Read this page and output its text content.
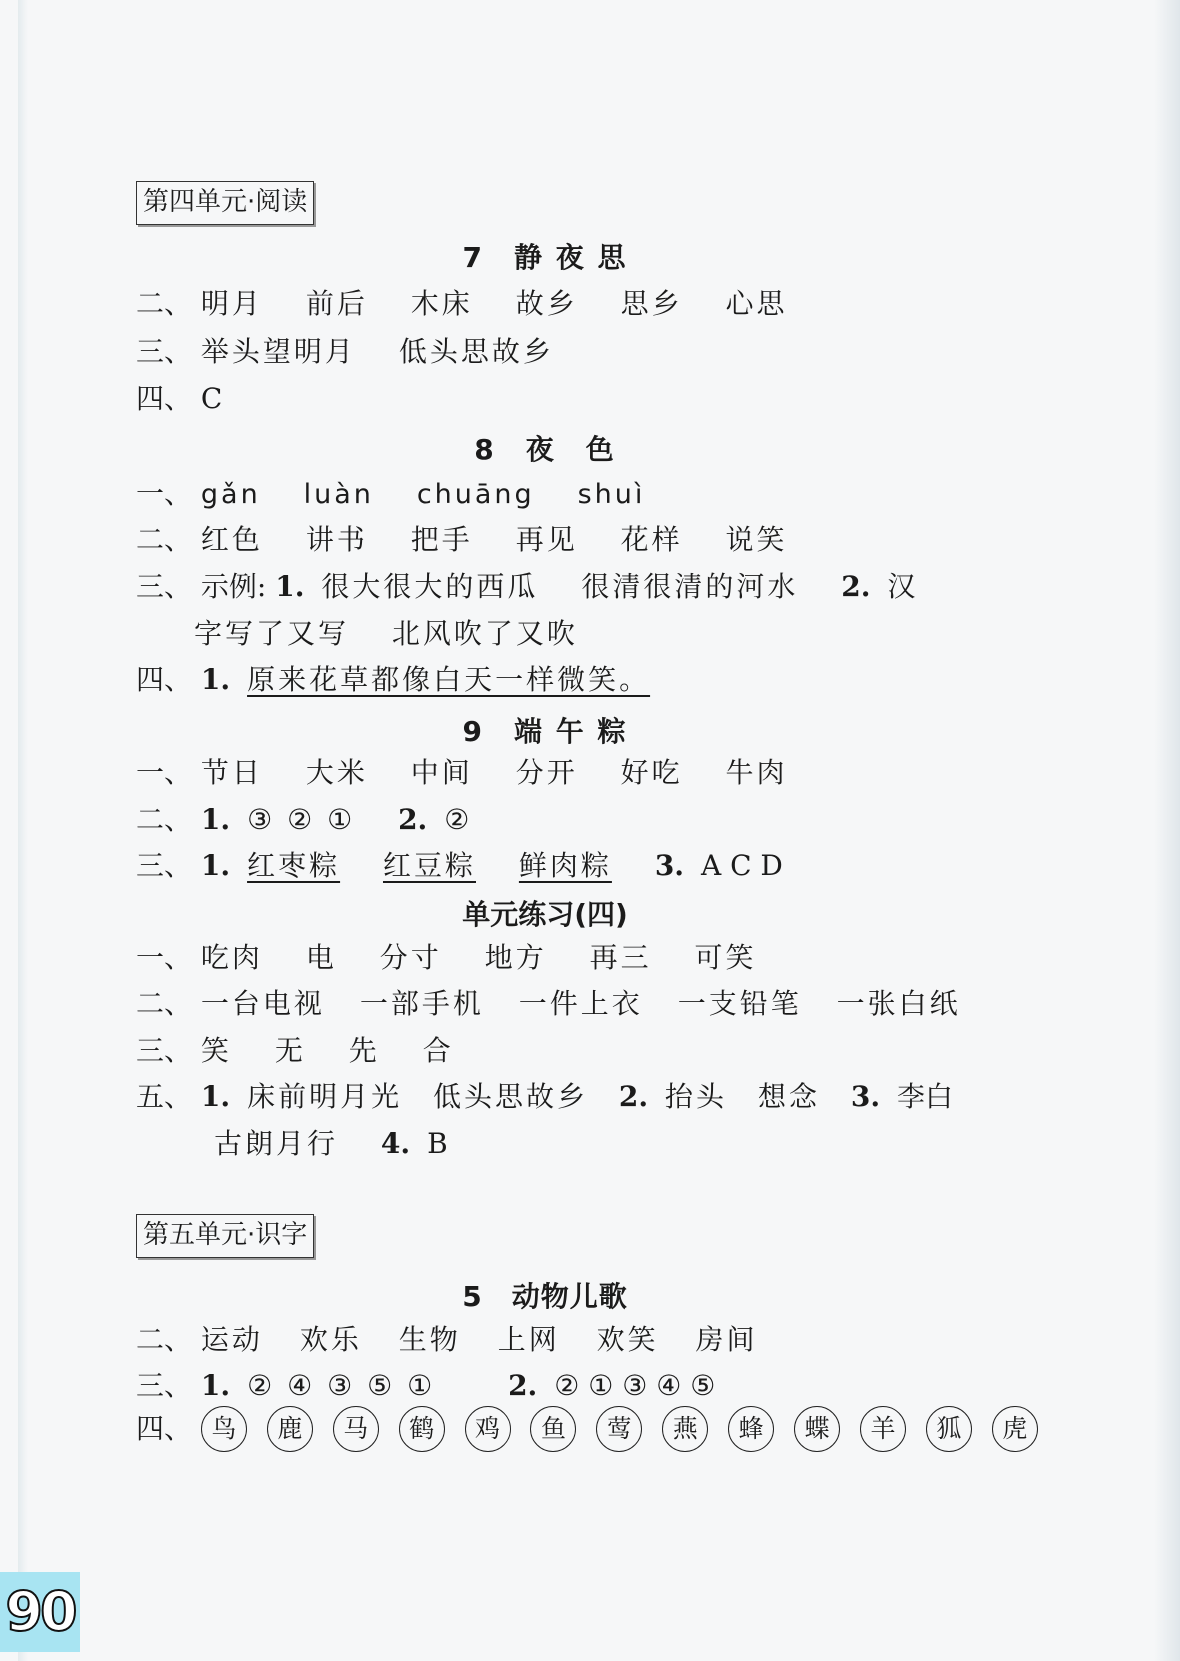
第四单元·阅读
7　静 夜 思
二、 明月 前后 木床 故乡 思乡 心思
三、 举头望明月 低头思故乡
四、 C
8　夜　色
一、 gǎn luàn chuāng shuì
二、 红色 讲书 把手 再见 花样 说笑
三、 示例: 1. 很大很大的西瓜 很清很清的河水 2. 汉
字写了又写 北风吹了又吹
四、 1. 原来花草都像白天一样微笑。
9　端 午 粽
一、 节日 大米 中间 分开 好吃 牛肉
二、 1. ③ ② ① 2. ②
三、 1. 红枣粽 红豆粽 鲜肉粽 3. A C D
单元练习(四)
一、 吃肉 电 分寸 地方 再三 可笑
二、 一台电视 一部手机 一件上衣 一支铅笔 一张白纸
三、 笑 无 先 合
五、 1. 床前明月光 低头思故乡 2. 抬头 想念 3. 李白
古朗月行 4. B
第五单元·识字
5　动物儿歌
二、 运动 欢乐 生物 上网 欢笑 房间
三、 1. ② ④ ③ ⑤ ①	2. ② ① ③ ④ ⑤
四、 鸟 鹿 马 鹤 鸡 鱼 莺 燕 蜂 蝶 羊 狐 虎
90
